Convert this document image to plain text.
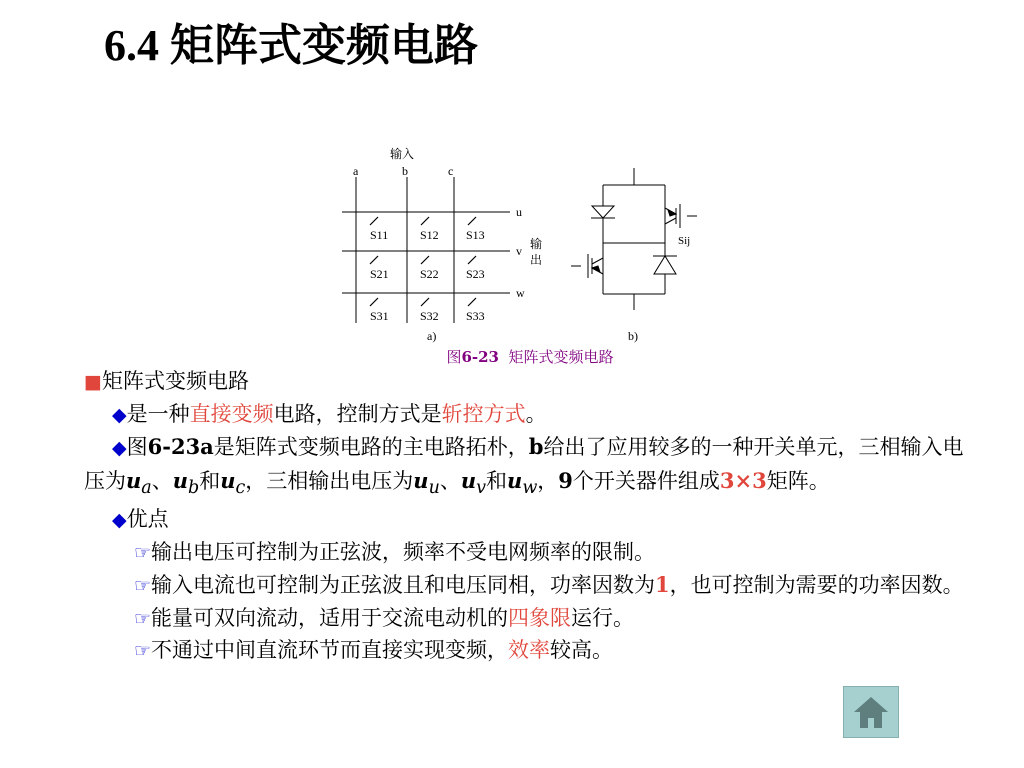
6.4 矩阵式变频电路
输入
a	b	c
u
v
w
输
出
S11	S12 S13
S21	S22 S23
S31	S32 S33
a)	b)
Sij
图6-23 矩阵式变频电路

■矩阵式变频电路

◆是一种直接变频电路，控制方式是斩控方式。

◆图6-23a是矩阵式变频电路的主电路拓朴，b给出了应用较多的一种开关单元，三相输入电压为$u_a$、$u_b$和$u_c$，三相输出电压为$u_u$、$u_v$和$u_w$，9个开关器件组成3×3矩阵。

◆优点

☞输出电压可控制为正弦波，频率不受电网频率的限制。

☞输入电流也可控制为正弦波且和电压同相，功率因数为1，也可控制为需要的功率因数。

☞能量可双向流动，适用于交流电动机的四象限运行。

☞不通过中间直流环节而直接实现变频，效率较高。
